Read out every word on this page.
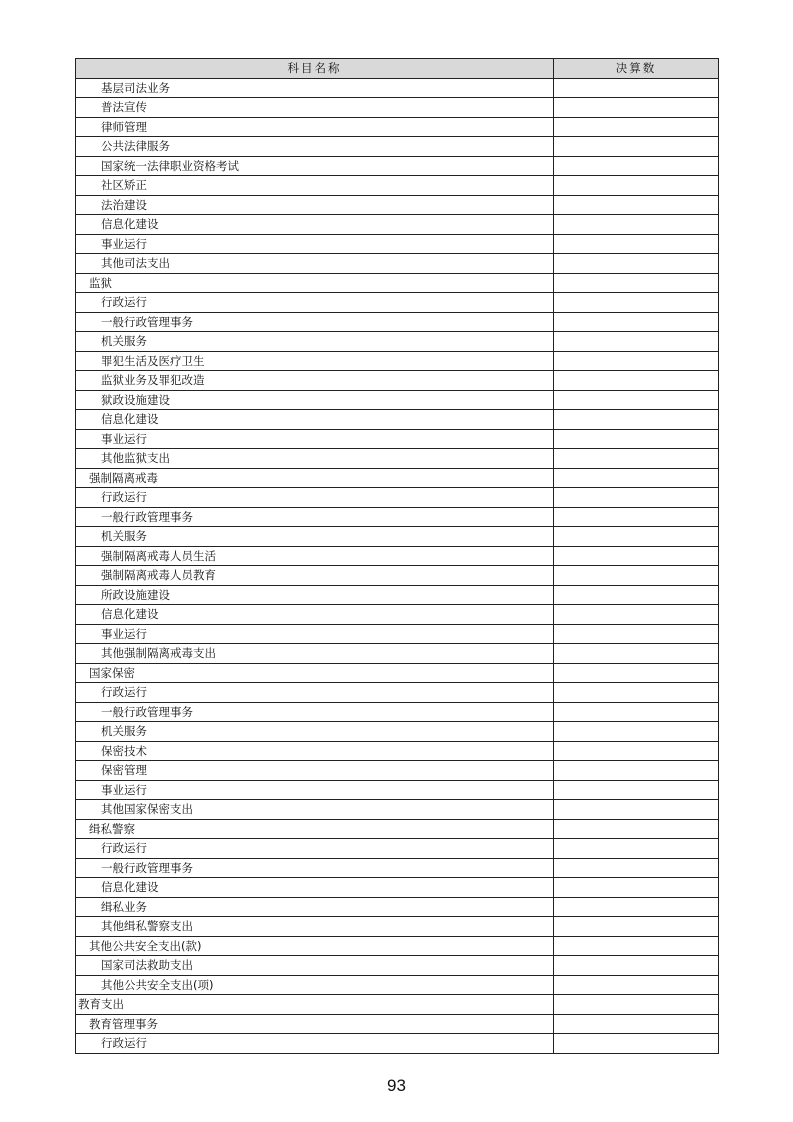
科目名称	决算数
基层司法业务	
普法宣传	
律师管理	
公共法律服务	
国家统一法律职业资格考试	
社区矫正	
法治建设	
信息化建设	
事业运行	
其他司法支出	
监狱	
行政运行	
一般行政管理事务	
机关服务	
罪犯生活及医疗卫生	
监狱业务及罪犯改造	
狱政设施建设	
信息化建设	
事业运行	
其他监狱支出	
强制隔离戒毒	
行政运行	
一般行政管理事务	
机关服务	
强制隔离戒毒人员生活	
强制隔离戒毒人员教育	
所政设施建设	
信息化建设	
事业运行	
其他强制隔离戒毒支出	
国家保密	
行政运行	
一般行政管理事务	
机关服务	
保密技术	
保密管理	
事业运行	
其他国家保密支出	
缉私警察	
行政运行	
一般行政管理事务	
信息化建设	
缉私业务	
其他缉私警察支出	
其他公共安全支出(款)	
国家司法救助支出	
其他公共安全支出(项)	
教育支出	
教育管理事务	
行政运行	
93
